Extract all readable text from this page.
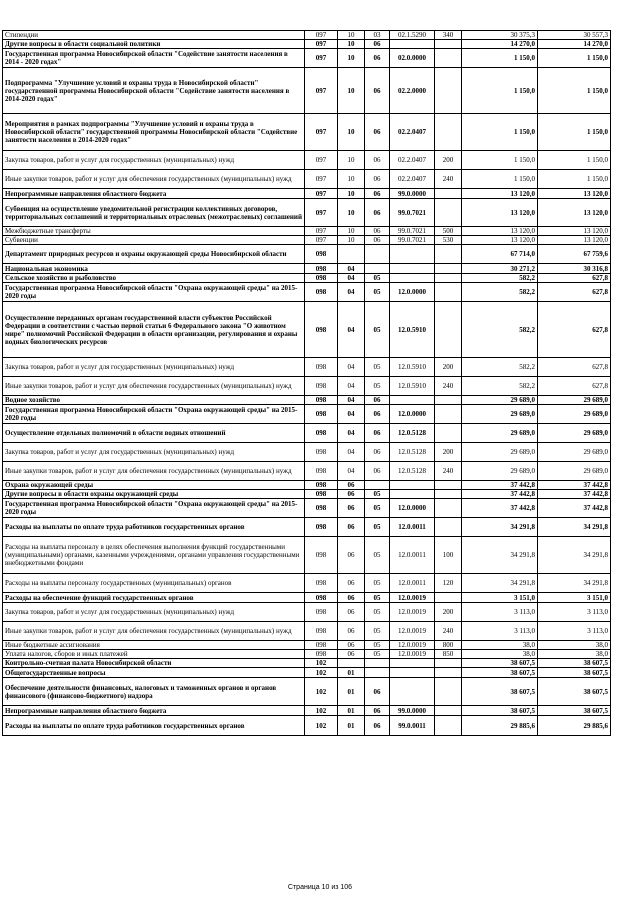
Стипендии	097	10	03	02.1.5290	340	30 375,3	30 557,3
Другие вопросы в области социальной политики	097	10	06			14 270,0	14 270,0
Государственная программа Новосибирской области "Содействие занятости населения в 2014 - 2020 годах"	097	10	06	02.0.0000		1 150,0	1 150,0
Подпрограмма "Улучшение условий и охраны труда в Новосибирской области" государственной программы Новосибирской области "Содействие занятости населения в 2014-2020 годах"	097	10	06	02.2.0000		1 150,0	1 150,0
Мероприятия в рамках подпрограммы "Улучшение условий и охраны труда в Новосибирской области" государственной программы Новосибирской области "Содействие занятости населения в 2014-2020 годах"	097	10	06	02.2.0407		1 150,0	1 150,0
Закупка товаров, работ и услуг для государственных (муниципальных) нужд	097	10	06	02.2.0407	200	1 150,0	1 150,0
Иные закупки товаров, работ и услуг для обеспечения государственных (муниципальных) нужд	097	10	06	02.2.0407	240	1 150,0	1 150,0
Непрограммные направления областного бюджета	097	10	06	99.0.0000		13 120,0	13 120,0
Субвенция на осуществление уведомительной регистрации коллективных договоров, территориальных соглашений и территориальных отраслевых (межотраслевых) соглашений	097	10	06	99.0.7021		13 120,0	13 120,0
Межбюджетные трансферты	097	10	06	99.0.7021	500	13 120,0	13 120,0
Субвенции	097	10	06	99.0.7021	530	13 120,0	13 120,0
Департамент природных ресурсов и охраны окружающей среды Новосибирской области	098					67 714,0	67 759,6
Национальная экономика	098	04				30 271,2	30 316,8
Сельское хозяйство и рыболовство	098	04	05			582,2	627,8
Государственная программа Новосибирской области "Охрана окружающей среды" на 2015-2020 годы	098	04	05	12.0.0000		582,2	627,8
Осуществление переданных органам государственной власти субъектов Российской Федерации в соответствии с частью первой статьи 6 Федерального закона "О животном мире" полномочий Российской Федерации в области организации, регулирования и охраны водных биологических ресурсов	098	04	05	12.0.5910		582,2	627,8
Закупка товаров, работ и услуг для государственных (муниципальных) нужд	098	04	05	12.0.5910	200	582,2	627,8
Иные закупки товаров, работ и услуг для обеспечения государственных (муниципальных) нужд	098	04	05	12.0.5910	240	582,2	627,8
Водное хозяйство	098	04	06			29 689,0	29 689,0
Государственная программа Новосибирской области "Охрана окружающей среды" на 2015-2020 годы	098	04	06	12.0.0000		29 689,0	29 689,0
Осуществление отдельных полномочий в области водных отношений	098	04	06	12.0.5128		29 689,0	29 689,0
Закупка товаров, работ и услуг для государственных (муниципальных) нужд	098	04	06	12.0.5128	200	29 689,0	29 689,0
Иные закупки товаров, работ и услуг для обеспечения государственных (муниципальных) нужд	098	04	06	12.0.5128	240	29 689,0	29 689,0
Охрана окружающей среды	098	06				37 442,8	37 442,8
Другие вопросы в области охраны окружающей среды	098	06	05			37 442,8	37 442,8
Государственная программа Новосибирской области "Охрана окружающей среды" на 2015-2020 годы	098	06	05	12.0.0000		37 442,8	37 442,8
Расходы на выплаты по оплате труда работников государственных органов	098	06	05	12.0.0011		34 291,8	34 291,8
Расходы на выплаты персоналу в целях обеспечения выполнения функций государственными (муниципальными) органами, казенными учреждениями, органами управления государственными внебюджетными фондами	098	06	05	12.0.0011	100	34 291,8	34 291,8
Расходы на выплаты персоналу государственных (муниципальных) органов	098	06	05	12.0.0011	120	34 291,8	34 291,8
Расходы на обеспечение функций государственных органов	098	06	05	12.0.0019		3 151,0	3 151,0
Закупка товаров, работ и услуг для государственных (муниципальных) нужд	098	06	05	12.0.0019	200	3 113,0	3 113,0
Иные закупки товаров, работ и услуг для обеспечения государственных (муниципальных) нужд	098	06	05	12.0.0019	240	3 113,0	3 113,0
Иные бюджетные ассигнования	098	06	05	12.0.0019	800	38,0	38,0
Уплата налогов, сборов и иных платежей	098	06	05	12.0.0019	850	38,0	38,0
Контрольно-счетная палата Новосибирской области	102					38 607,5	38 607,5
Общегосударственные вопросы	102	01				38 607,5	38 607,5
Обеспечение деятельности финансовых, налоговых и таможенных органов и органов финансового (финансово-бюджетного) надзора	102	01	06			38 607,5	38 607,5
Непрограммные направления областного бюджета	102	01	06	99.0.0000		38 607,5	38 607,5
Расходы на выплаты по оплате труда работников государственных органов	102	01	06	99.0.0011		29 885,6	29 885,6
Страница 10 из 106
